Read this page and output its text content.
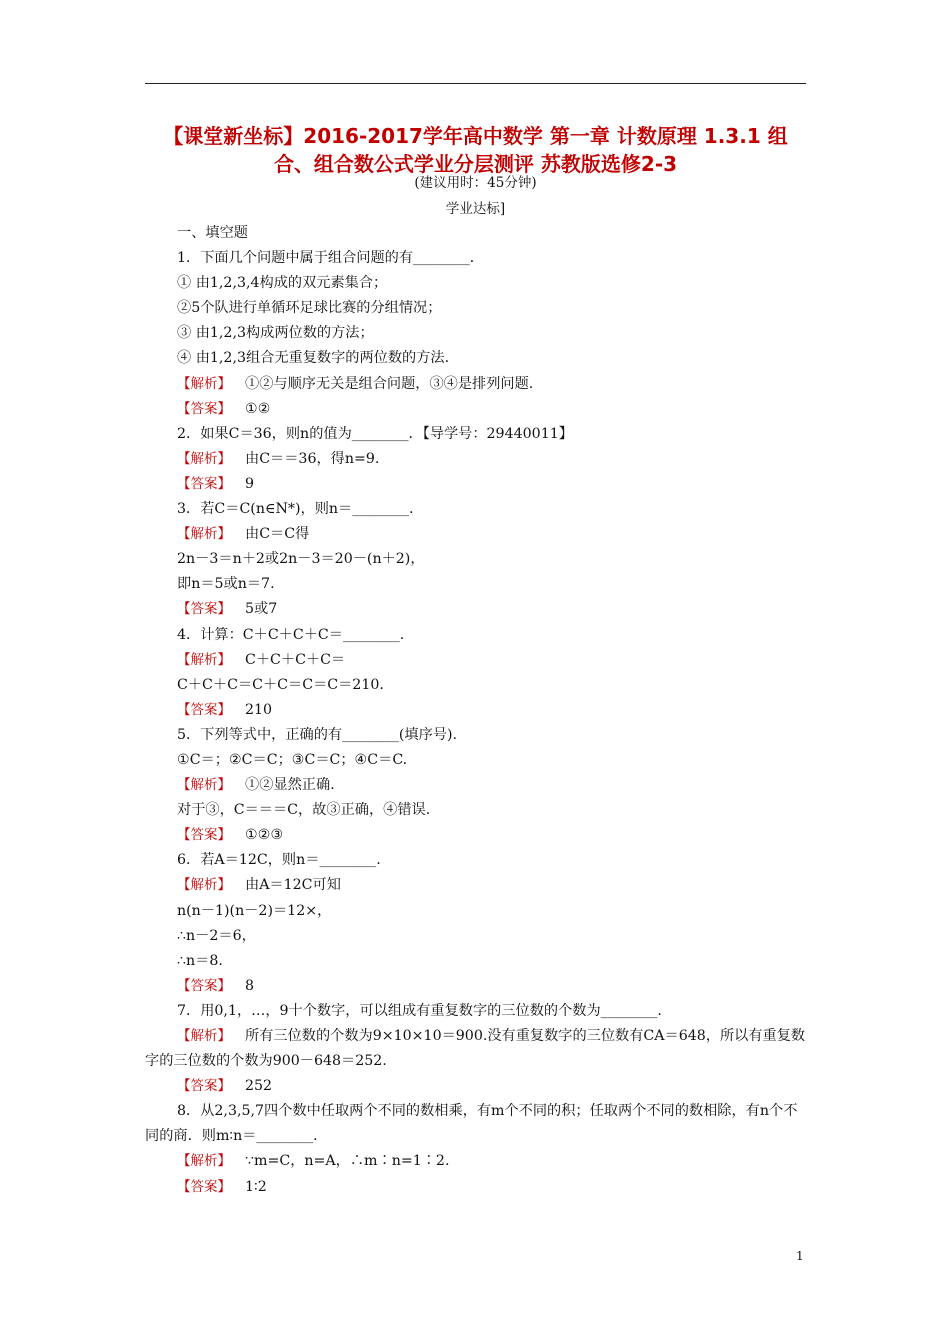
【课堂新坐标】2016-2017学年高中数学 第一章 计数原理 1.3.1 组
合、组合数公式学业分层测评 苏教版选修2-3
(建议用时：45分钟)
学业达标]
一、填空题
1．下面几个问题中属于组合问题的有________．
① 由1,2,3,4构成的双元素集合；
②5个队进行单循环足球比赛的分组情况；
③ 由1,2,3构成两位数的方法；
④ 由1,2,3组合无重复数字的两位数的方法.
【解析】 ①②与顺序无关是组合问题，③④是排列问题.
【答案】 ①②
2．如果C＝36，则n的值为________．【导学号：29440011】
【解析】 由C＝＝36，得n=9.
【答案】 9
3．若C＝C(n∈N*)，则n＝________.
【解析】 由C＝C得
2n－3＝n＋2或2n－3＝20－(n＋2)，
即n＝5或n＝7.
【答案】 5或7
4．计算：C＋C＋C＋C＝________.
【解析】 C＋C＋C＋C＝
C＋C＋C＝C＋C＝C＝C＝210.
【答案】 210
5．下列等式中，正确的有________(填序号).
①C＝；②C＝C；③C＝C；④C＝C.
【解析】 ①②显然正确.
对于③，C＝＝＝C，故③正确，④错误.
【答案】 ①②③
6．若A＝12C，则n＝________.
【解析】 由A＝12C可知
n(n－1)(n－2)＝12×，
∴n－2＝6，
∴n＝8.
【答案】 8
7．用0,1，…，9十个数字，可以组成有重复数字的三位数的个数为________.
【解析】 所有三位数的个数为9×10×10＝900.没有重复数字的三位数有CA＝648，所以有重复数字的三位数的个数为900－648＝252.
【答案】 252
8．从2,3,5,7四个数中任取两个不同的数相乘，有m个不同的积；任取两个不同的数相除，有n个不同的商．则m∶n＝________.
【解析】 ∵m=C，n=A，∴m∶n=1∶2.
【答案】 1∶2
1
